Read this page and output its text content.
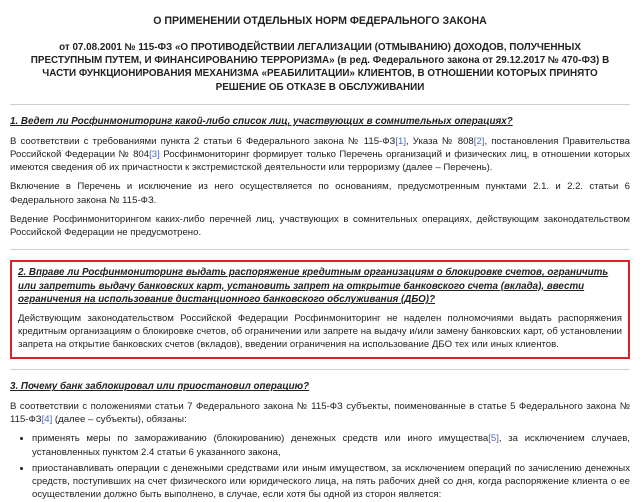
О ПРИМЕНЕНИИ ОТДЕЛЬНЫХ НОРМ ФЕДЕРАЛЬНОГО ЗАКОНА
от 07.08.2001 № 115-ФЗ «О ПРОТИВОДЕЙСТВИИ ЛЕГАЛИЗАЦИИ (ОТМЫВАНИЮ) ДОХОДОВ, ПОЛУЧЕННЫХ ПРЕСТУПНЫМ ПУТЕМ, И ФИНАНСИРОВАНИЮ ТЕРРОРИЗМА» (в ред. Федерального закона от 29.12.2017 № 470-ФЗ) В ЧАСТИ ФУНКЦИОНИРОВАНИЯ МЕХАНИЗМА «РЕАБИЛИТАЦИИ» КЛИЕНТОВ, В ОТНОШЕНИИ КОТОРЫХ ПРИНЯТО РЕШЕНИЕ ОБ ОТКАЗЕ В ОБСЛУЖИВАНИИ
1. Ведет ли Росфинмониторинг какой-либо список лиц, участвующих в сомнительных операциях?

В соответствии с требованиями пункта 2 статьи 6 Федерального закона № 115-ФЗ [ 1 ] , Указа № 808 [ 2 ] , постановления Правительства Российской Федерации № 804 [ 3 ] Росфинмониторинг формирует только Перечень организаций и физических лиц, в отношении которых имеются сведения об их причастности к экстремистской деятельности или терроризму (далее – Перечень).

Включение в Перечень и исключение из него осуществляется по основаниям, предусмотренным пунктами 2.1. и 2.2. статьи 6 Федерального закона № 115-ФЗ.

Ведение Росфинмониторингом каких-либо перечней лиц, участвующих в сомнительных операциях, действующим законодательством Российской Федерации не предусмотрено.

2. Вправе ли Росфинмониторинг выдать распоряжение кредитным организациям о блокировке счетов, ограничить или запретить выдачу банковских карт, установить запрет на открытие банковского счета (вклада), ввести ограничения на использование дистанционного банковского обслуживания (ДБО)?

Действующим законодательством Российской Федерации Росфинмониторинг не наделен полномочиями выдать распоряжения кредитным организациям о блокировке счетов, об ограничении или запрете на выдачу и/или замену банковских карт, об установлении запрета на открытие банковских счетов (вкладов), введении ограничения на использование ДБО тех или иных клиентов.

3. Почему банк заблокировал или приостановил операцию?

В соответствии с положениями статьи 7 Федерального закона № 115-ФЗ субъекты, поименованные в статье 5 Федерального закона № 115-ФЗ [ 4 ] (далее – субъекты), обязаны:

• применять меры по замораживанию (блокированию) денежных средств или иного имущества [ 5 ] , за исключением случаев, установленных пунктом 2.4 статьи 6 указанного закона,
• приостанавливать операции с денежными средствами или иным имуществом, за исключением операций по зачислению денежных средств, поступивших на счет физического или юридического лица, на пять рабочих дней со дня, когда распоряжение клиента о ее осуществлении должно быть выполнено, в случае, если хотя бы одной из сторон является:
